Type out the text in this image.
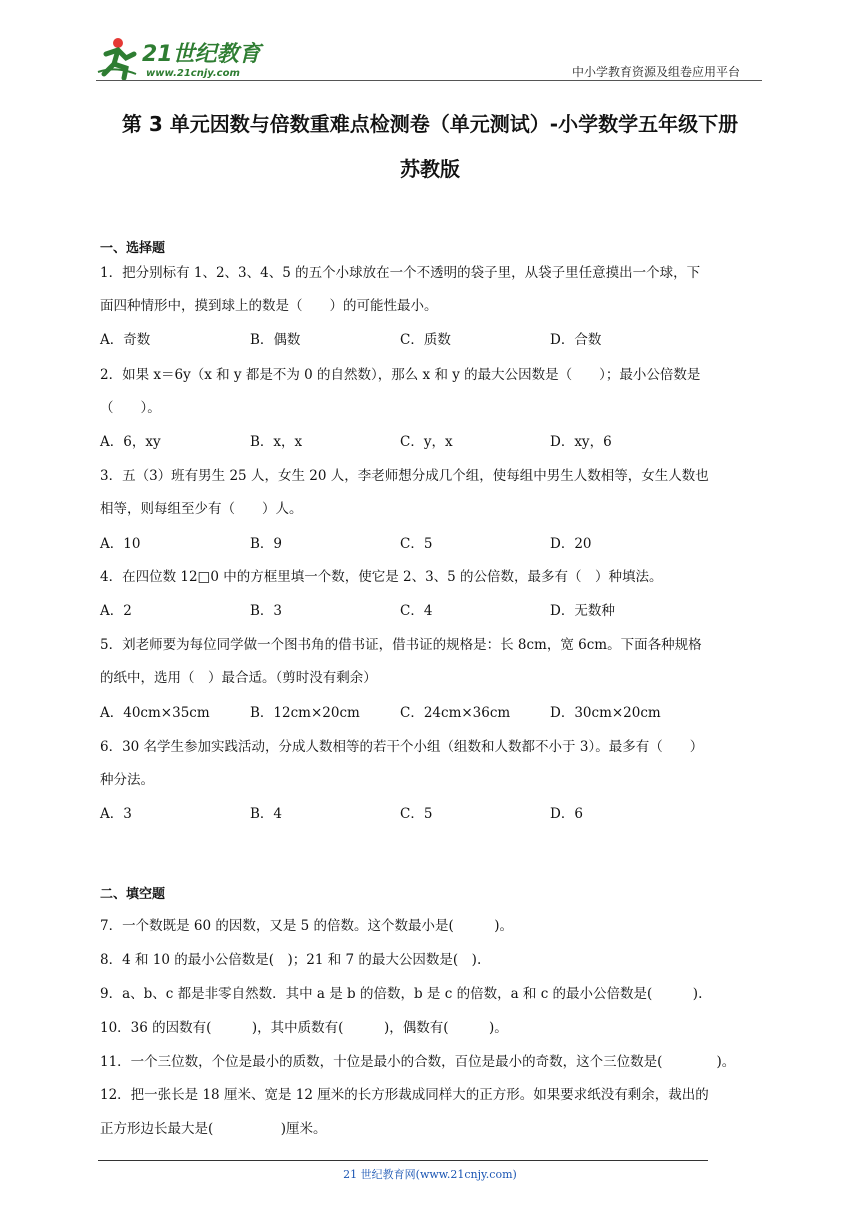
21世纪教育
www.21cnjy.com	中小学教育资源及组卷应用平台
第 3 单元因数与倍数重难点检测卷（单元测试）-小学数学五年级下册
苏教版
一、选择题
1．把分别标有 1、2、3、4、5 的五个小球放在一个不透明的袋子里，从袋子里任意摸出一个球，下
面四种情形中，摸到球上的数是（　　）的可能性最小。
A．奇数	B．偶数	C．质数	D．合数
2．如果 x＝6y（x 和 y 都是不为 0 的自然数），那么 x 和 y 的最大公因数是（　　）；最小公倍数是
（　　）。
A．6，xy	B．x，x	C．y，x	D．xy，6
3．五（3）班有男生 25 人，女生 20 人，李老师想分成几个组，使每组中男生人数相等，女生人数也
相等，则每组至少有（　　）人。
A．10	B．9	C．5	D．20
4．在四位数 12□0 中的方框里填一个数，使它是 2、3、5 的公倍数，最多有（　）种填法。
A．2	B．3	C．4	D．无数种
5．刘老师要为每位同学做一个图书角的借书证，借书证的规格是：长 8cm，宽 6cm。下面各种规格
的纸中，选用（　）最合适。（剪时没有剩余）
A．40cm×35cm	B．12cm×20cm	C．24cm×36cm	D．30cm×20cm
6．30 名学生参加实践活动，分成人数相等的若干个小组（组数和人数都不小于 3）。最多有（　　）
种分法。
A．3	B．4	C．5	D．6
二、填空题
7．一个数既是 60 的因数，又是 5 的倍数。这个数最小是(　　　)。
8．4 和 10 的最小公倍数是(　)；21 和 7 的最大公因数是(　).
9．a、b、c 都是非零自然数．其中 a 是 b 的倍数，b 是 c 的倍数，a 和 c 的最小公倍数是(　　　).
10．36 的因数有(　　　)，其中质数有(　　　)，偶数有(　　　)。
11．一个三位数，个位是最小的质数，十位是最小的合数，百位是最小的奇数，这个三位数是(　　　　)。
12．把一张长是 18 厘米、宽是 12 厘米的长方形裁成同样大的正方形。如果要求纸没有剩余，裁出的
正方形边长最大是(　　　　　)厘米。
21 世纪教育网(www.21cnjy.com)
